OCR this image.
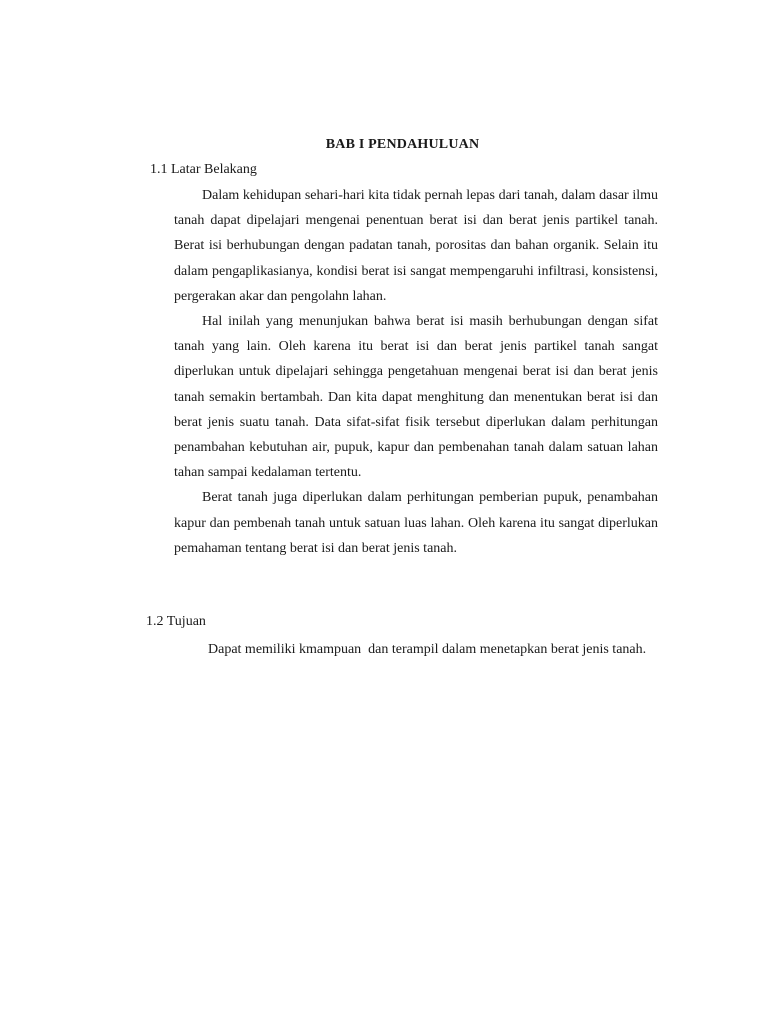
BAB I PENDAHULUAN
1.1 Latar Belakang

Dalam kehidupan sehari-hari kita tidak pernah lepas dari tanah, dalam dasar ilmu tanah dapat dipelajari mengenai penentuan berat isi dan berat jenis partikel tanah. Berat isi berhubungan dengan padatan tanah, porositas dan bahan organik. Selain itu dalam pengaplikasianya, kondisi berat isi sangat mempengaruhi infiltrasi, konsistensi, pergerakan akar dan pengolahn lahan.

Hal inilah yang menunjukan bahwa berat isi masih berhubungan dengan sifat tanah yang lain. Oleh karena itu berat isi dan berat jenis partikel tanah sangat diperlukan untuk dipelajari sehingga pengetahuan mengenai berat isi dan berat jenis tanah semakin bertambah. Dan kita dapat menghitung dan menentukan berat isi dan berat jenis suatu tanah. Data sifat-sifat fisik tersebut diperlukan dalam perhitungan penambahan kebutuhan air, pupuk, kapur dan pembenahan tanah dalam satuan lahan tahan sampai kedalaman tertentu.

Berat tanah juga diperlukan dalam perhitungan pemberian pupuk, penambahan kapur dan pembenah tanah untuk satuan luas lahan. Oleh karena itu sangat diperlukan pemahaman tentang berat isi dan berat jenis tanah.

1.2 Tujuan

Dapat memiliki kmampuan  dan terampil dalam menetapkan berat jenis tanah.
